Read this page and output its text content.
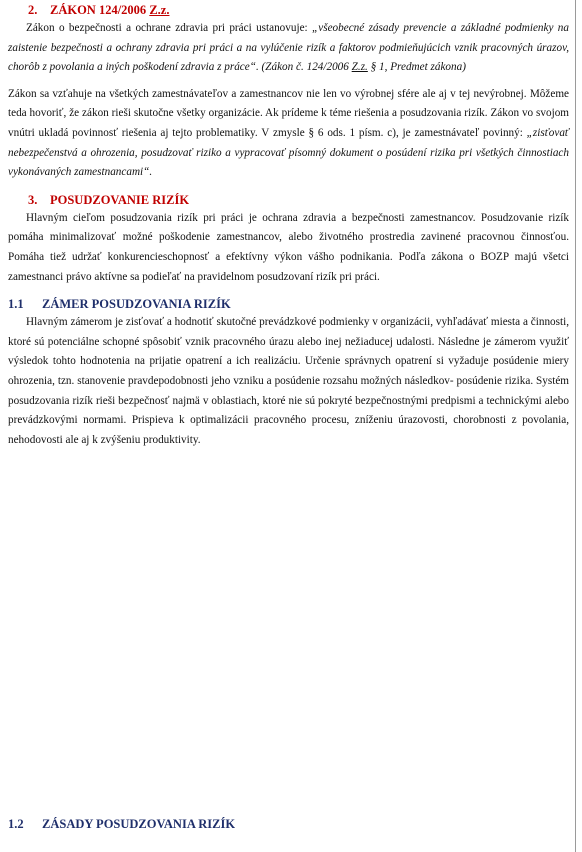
2. ZÁKON 124/2006 Z.z.

Zákon o bezpečnosti a ochrane zdravia pri práci ustanovuje: „všeobecné zásady prevencie a základné podmienky na zaistenie bezpečnosti a ochrany zdravia pri práci a na vylúčenie rizík a faktorov podmieňujúcich vznik pracovných úrazov, chorôb z povolania a iných poškodení zdravia z práce“. (Zákon č. 124/2006 Z.z. § 1, Predmet zákona)

Zákon sa vzťahuje na všetkých zamestnávateľov a zamestnancov nie len vo výrobnej sfére ale aj v tej nevýrobnej. Môžeme teda hovoriť, že zákon rieši skutočne všetky organizácie. Ak prídeme k téme riešenia a posudzovania rizík. Zákon vo svojom vnútri ukladá povinnosť riešenia aj tejto problematiky. V zmysle § 6 ods. 1 písm. c), je zamestnávateľ povinný: „zisťovať nebezpečenstvá a ohrozenia, posudzovať riziko a vypracovať písomný dokument o posúdení rizika pri všetkých činnostiach vykonávaných zamestnancami“.

3. POSUDZOVANIE RIZÍK

Hlavným cieľom posudzovania rizík pri práci je ochrana zdravia a bezpečnosti zamestnancov. Posudzovanie rizík pomáha minimalizovať možné poškodenie zamestnancov, alebo životného prostredia zavinené pracovnou činnosťou. Pomáha tiež udržať konkurencieschopnosť a efektívny výkon vášho podnikania. Podľa zákona o BOZP majú všetci zamestnanci právo aktívne sa podieľať na pravidelnom posudzovaní rizík pri práci.

1.1 ZÁMER POSUDZOVANIA RIZÍK

Hlavným zámerom je zisťovať a hodnotiť skutočné prevádzkové podmienky v organizácii, vyhľadávať miesta a činnosti, ktoré sú potenciálne schopné spôsobiť vznik pracovného úrazu alebo inej nežiaducej udalosti. Následne je zámerom využiť výsledok tohto hodnotenia na prijatie opatrení a ich realizáciu. Určenie správnych opatrení si vyžaduje posúdenie miery ohrozenia, tzn. stanovenie pravdepodobnosti jeho vzniku a posúdenie rozsahu možných následkov- posúdenie rizika. Systém posudzovania rizík rieši bezpečnosť najmä v oblastiach, ktoré nie sú pokryté bezpečnostnými predpismi a technickými alebo prevádzkovými normami. Prispieva k optimalizácii pracovného procesu, zníženiu úrazovosti, chorobnosti z povolania, nehodovosti ale aj k zvýšeniu produktivity.

1.2 ZÁSADY POSUDZOVANIA RIZÍK
